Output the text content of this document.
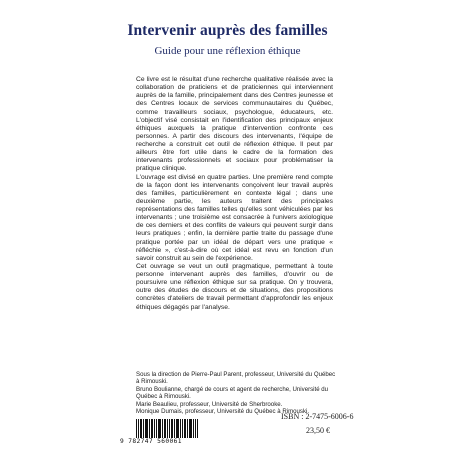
Intervenir auprès des familles
Guide pour une réflexion éthique

Ce livre est le résultat d'une recherche qualitative réalisée avec la collaboration de praticiens et de praticiennes qui interviennent auprès de la famille, principalement dans des Centres jeunesse et des Centres locaux de services communautaires du Québec, comme travailleurs sociaux, psychologue, éducateurs, etc. L'objectif visé consistait en l'identification des principaux enjeux éthiques auxquels la pratique d'intervention confronte ces personnes. A partir des discours des intervenants, l'équipe de recherche a construit cet outil de réflexion éthique. Il peut par ailleurs être fort utile dans le cadre de la formation des intervenants professionnels et sociaux pour problématiser la pratique clinique.

L'ouvrage est divisé en quatre parties. Une première rend compte de la façon dont les intervenants conçoivent leur travail auprès des familles, particulièrement en contexte légal ; dans une deuxième partie, les auteurs traitent des principales représentations des familles telles qu'elles sont véhiculées par les intervenants ; une troisième est consacrée à l'univers axiologique de ces derniers et des conflits de valeurs qui peuvent surgir dans leurs pratiques ; enfin, la dernière partie traite du passage d'une pratique portée par un idéal de départ vers une pratique « réfléchie », c'est-à-dire où cet idéal est revu en fonction d'un savoir construit au sein de l'expérience.

Cet ouvrage se veut un outil pragmatique, permettant à toute personne intervenant auprès des familles, d'ouvrir ou de poursuivre une réflexion éthique sur sa pratique. On y trouvera, outre des études de discours et de situations, des propositions concrètes d'ateliers de travail permettant d'approfondir les enjeux éthiques dégagés par l'analyse.

Sous la direction de Pierre-Paul Parent, professeur, Université du Québec à Rimouski.
Bruno Boulianne, chargé de cours et agent de recherche, Université du Québec à Rimouski.
Marie Beaulieu, professeur, Université de Sherbrooke.
Monique Dumais, professeur, Université du Québec à Rimouski.
9 782747 560061
ISBN : 2-7475-6006-6
23,50 €
